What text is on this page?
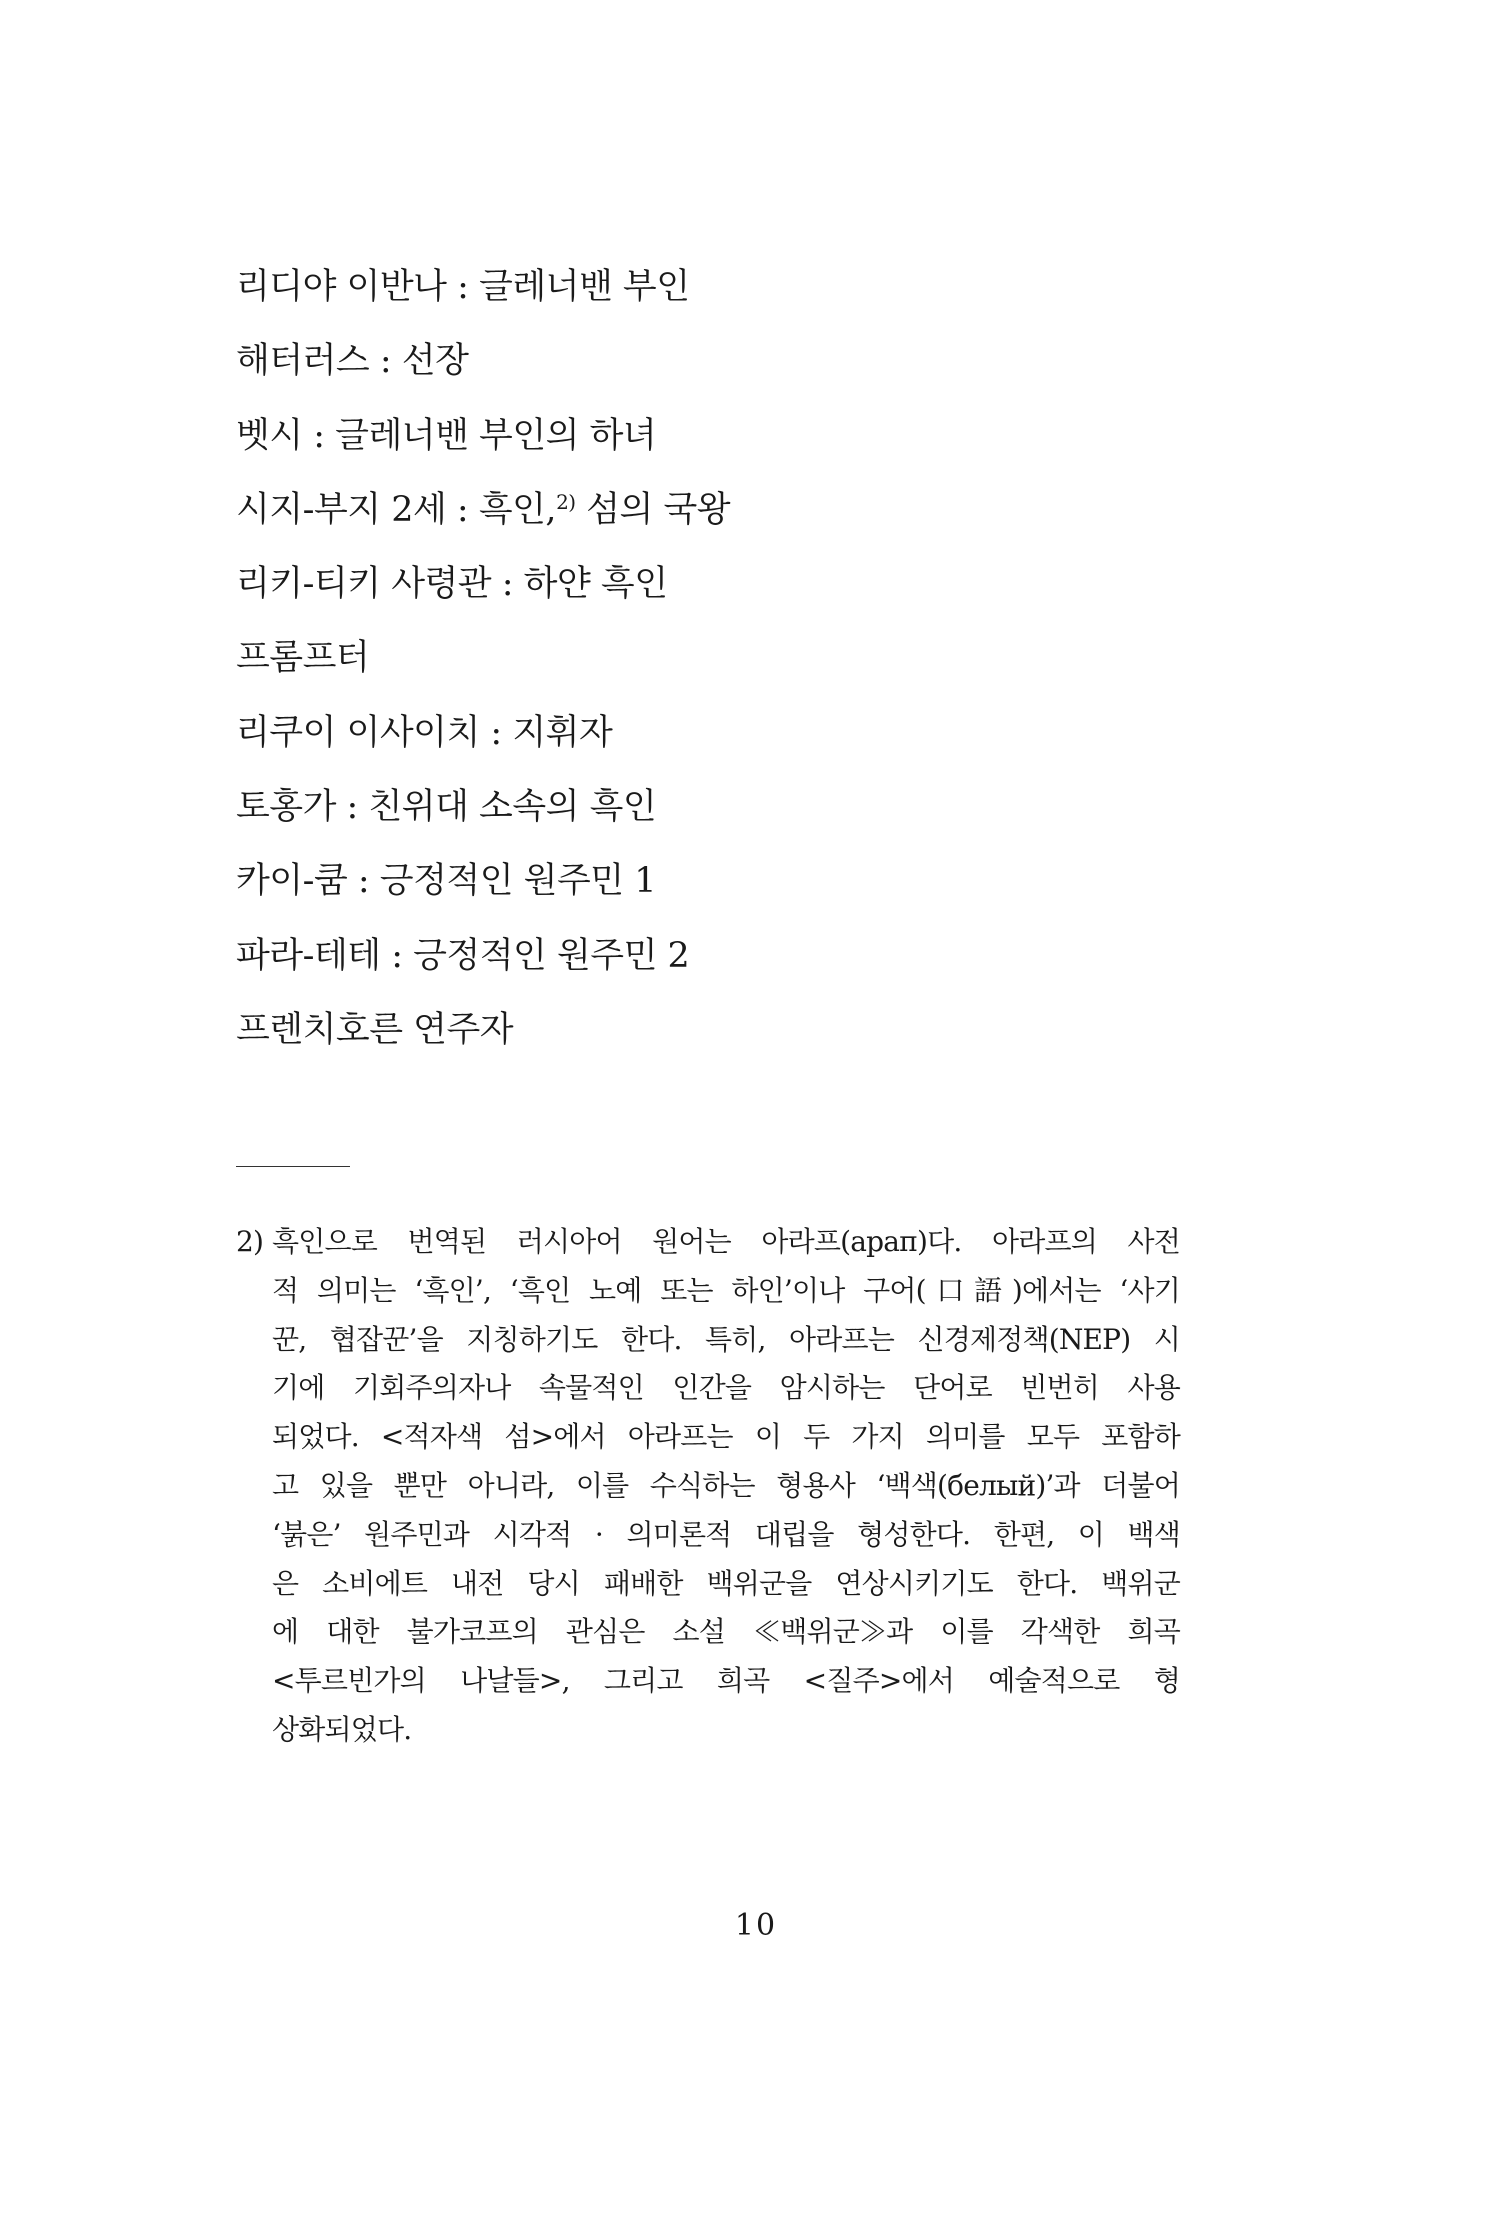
리디야 이반나 : 글레너밴 부인
해터러스 : 선장
벳시 : 글레너밴 부인의 하녀
시지-부지 2세 : 흑인,$^{2)}$ 섬의 국왕
리키-티키 사령관 : 하얀 흑인
프롬프터
리쿠이 이사이치 : 지휘자
토홍가 : 친위대 소속의 흑인
카이-쿰 : 긍정적인 원주민 1
파라-테테 : 긍정적인 원주민 2
프렌치호른 연주자
2) 흑인으로 번역된 러시아어 원어는 아라프(арап)다. 아라프의 사전
적 의미는 ‘흑인’, ‘흑인 노예 또는 하인’이나 구어(口語)에서는 ‘사기
꾼, 협잡꾼’을 지칭하기도 한다. 특히, 아라프는 신경제정책(NEP) 시
기에 기회주의자나 속물적인 인간을 암시하는 단어로 빈번히 사용
되었다. <적자색 섬>에서 아라프는 이 두 가지 의미를 모두 포함하
고 있을 뿐만 아니라, 이를 수식하는 형용사 ‘백색(белый)’과 더불어
‘붉은’ 원주민과 시각적 · 의미론적 대립을 형성한다. 한편, 이 백색
은 소비에트 내전 당시 패배한 백위군을 연상시키기도 한다. 백위군
에 대한 불가코프의 관심은 소설 ≪백위군≫과 이를 각색한 희곡
<투르빈가의 나날들>, 그리고 희곡 <질주>에서 예술적으로 형
상화되었다.
10
